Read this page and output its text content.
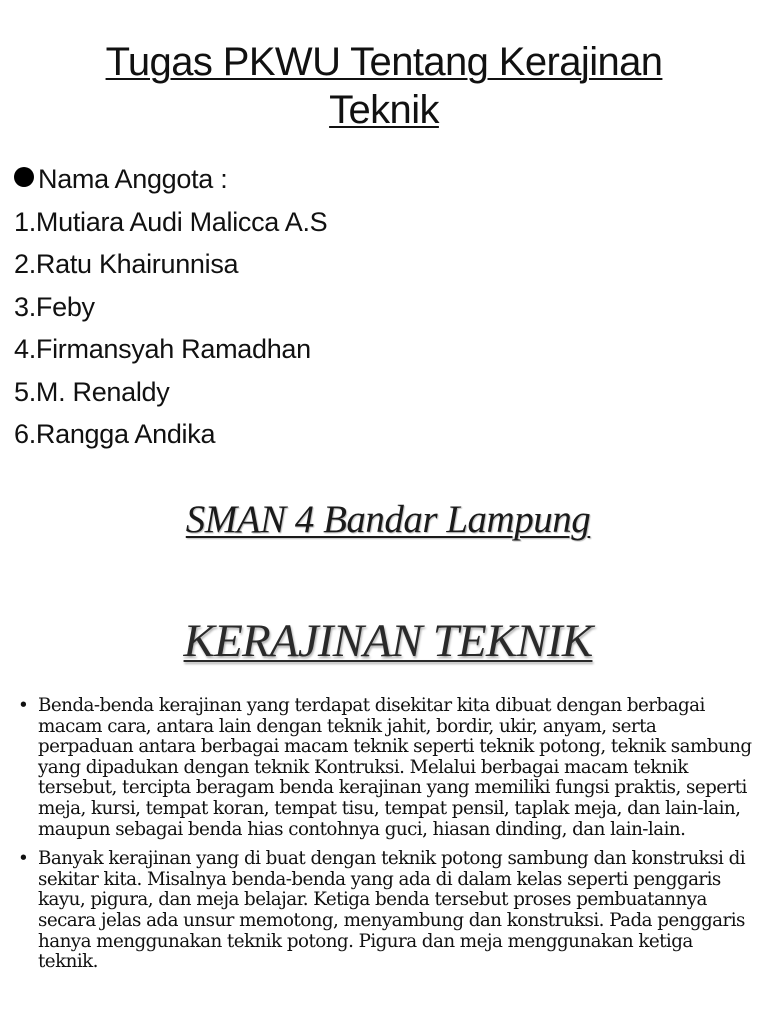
Tugas PKWU Tentang Kerajinan
Teknik
Nama Anggota :
1.Mutiara Audi Malicca A.S
2.Ratu Khairunnisa
3.Feby
4.Firmansyah Ramadhan
5.M. Renaldy
6.Rangga Andika
SMAN 4 Bandar Lampung
KERAJINAN TEKNIK
• Benda-benda kerajinan yang terdapat disekitar kita dibuat dengan berbagai macam cara, antara lain dengan teknik jahit, bordir, ukir, anyam, serta perpaduan antara berbagai macam teknik seperti teknik potong, teknik sambung yang dipadukan dengan teknik Kontruksi. Melalui berbagai macam teknik tersebut, tercipta beragam benda kerajinan yang memiliki fungsi praktis, seperti meja, kursi, tempat koran, tempat tisu, tempat pensil, taplak meja, dan lain-lain, maupun sebagai benda hias contohnya guci, hiasan dinding, dan lain-lain.
• Banyak kerajinan yang di buat dengan teknik potong sambung dan konstruksi di sekitar kita. Misalnya benda-benda yang ada di dalam kelas seperti penggaris kayu, pigura, dan meja belajar. Ketiga benda tersebut proses pembuatannya secara jelas ada unsur memotong, menyambung dan konstruksi. Pada penggaris hanya menggunakan teknik potong. Pigura dan meja menggunakan ketiga teknik.
